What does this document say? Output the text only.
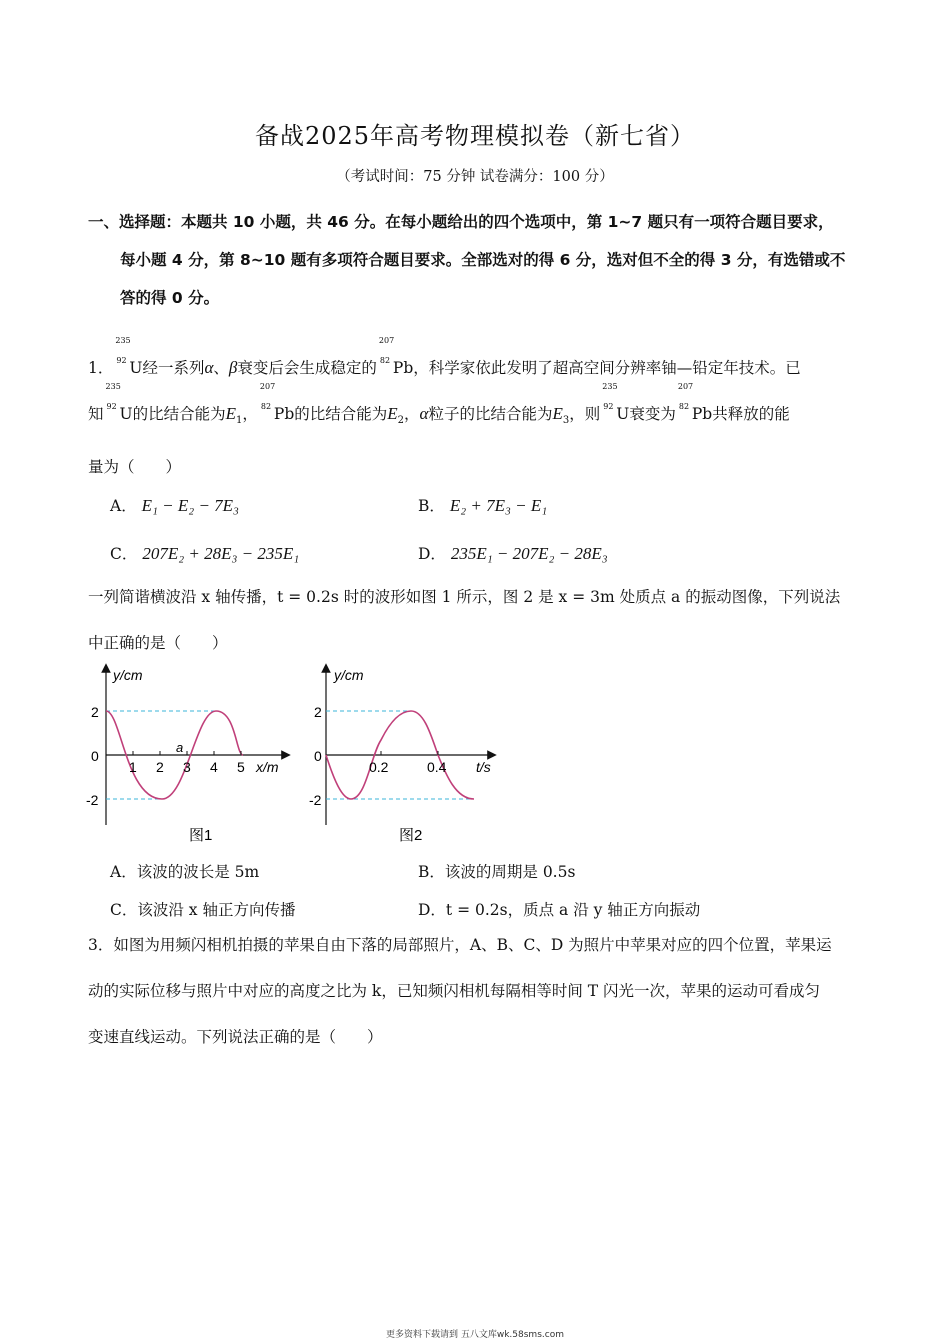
备战2025年高考物理模拟卷（新七省）
（考试时间：75 分钟 试卷满分：100 分）
一、选择题：本题共 10 小题，共 46 分。在每小题给出的四个选项中，第 1~7 题只有一项符合题目要求，
每小题 4 分，第 8~10 题有多项符合题目要求。全部选对的得 6 分，选对但不全的得 3 分，有选错或不
答的得 0 分。
1．
235
92 U经一系列α、β衰变后会生成稳定的
207
82 Pb，科学家依此发明了超高空间分辨率铀—铅定年技术。已
知
235
92 U的比结合能为$E_1$，
207
82 Pb的比结合能为$E_2$，α粒子的比结合能为$E_3$，则
235
92 U衰变为
207
82 Pb共释放的能
量为（　　）
A． E₁ − E₂ − 7E₃	B． E₂ + 7E₃ − E₁
C． 207E₂ + 28E₃ − 235E₁	D． 235E₁ − 207E₂ − 28E₃
一列简谐横波沿 x 轴传播，t = 0.2s 时的波形如图 1 所示，图 2 是 x = 3m 处质点 a 的振动图像，下列说法
中正确的是（　　）
y/cm
2
0
-2
1 2 3 4 5
a
x/m
图1
y/cm
2
0
-2
0.2	0.4 t/s
图2
A．该波的波长是 5m	B．该波的周期是 0.5s
C．该波沿 x 轴正方向传播	D．t = 0.2s，质点 a 沿 y 轴正方向振动
3．如图为用频闪相机拍摄的苹果自由下落的局部照片，A、B、C、D 为照片中苹果对应的四个位置，苹果运
动的实际位移与照片中对应的高度之比为 k，已知频闪相机每隔相等时间 T 闪光一次，苹果的运动可看成匀
变速直线运动。下列说法正确的是（　　）
更多资料下载请到 五八文库wk.58sms.com
